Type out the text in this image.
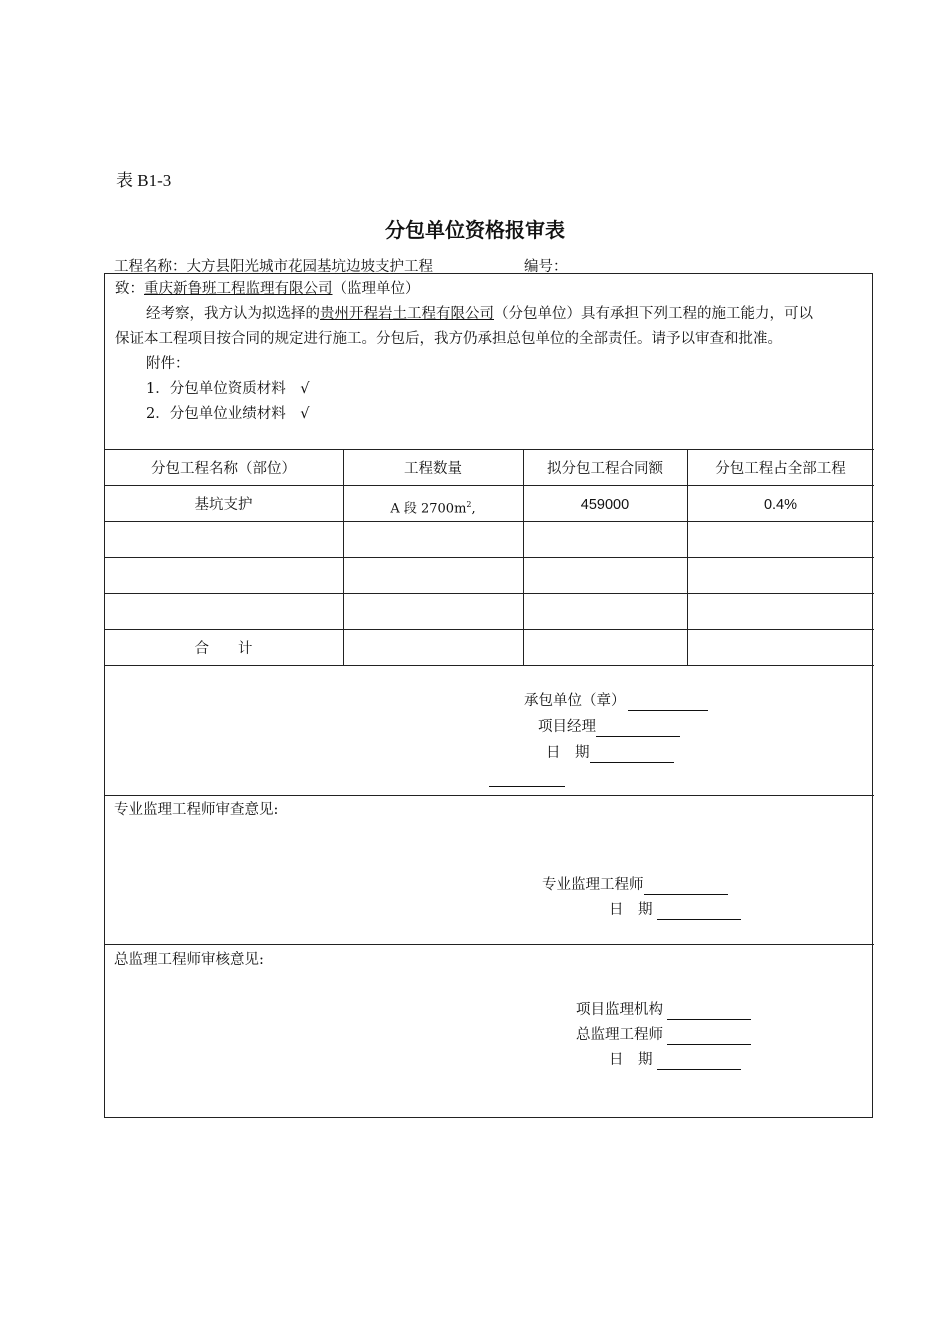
表 B1-3
分包单位资格报审表
工程名称：大方县阳光城市花园基坑边坡支护工程	编号：
致：重庆新鲁班工程监理有限公司（监理单位）
经考察，我方认为拟选择的贵州开程岩土工程有限公司（分包单位）具有承担下列工程的施工能力，可以
保证本工程项目按合同的规定进行施工。分包后，我方仍承担总包单位的全部责任。请予以审查和批准。
附件：
1．分包单位资质材料　√
2．分包单位业绩材料　√
分包工程名称（部位）	工程数量	拟分包工程合同额	分包工程占全部工程
基坑支护	A 段 $2700m^2$,	459000	0.4%
合　　计
承包单位（章）
项目经理
日　期
专业监理工程师审查意见:
专业监理工程师
日　期
总监理工程师审核意见:
项目监理机构
总监理工程师
日　期
